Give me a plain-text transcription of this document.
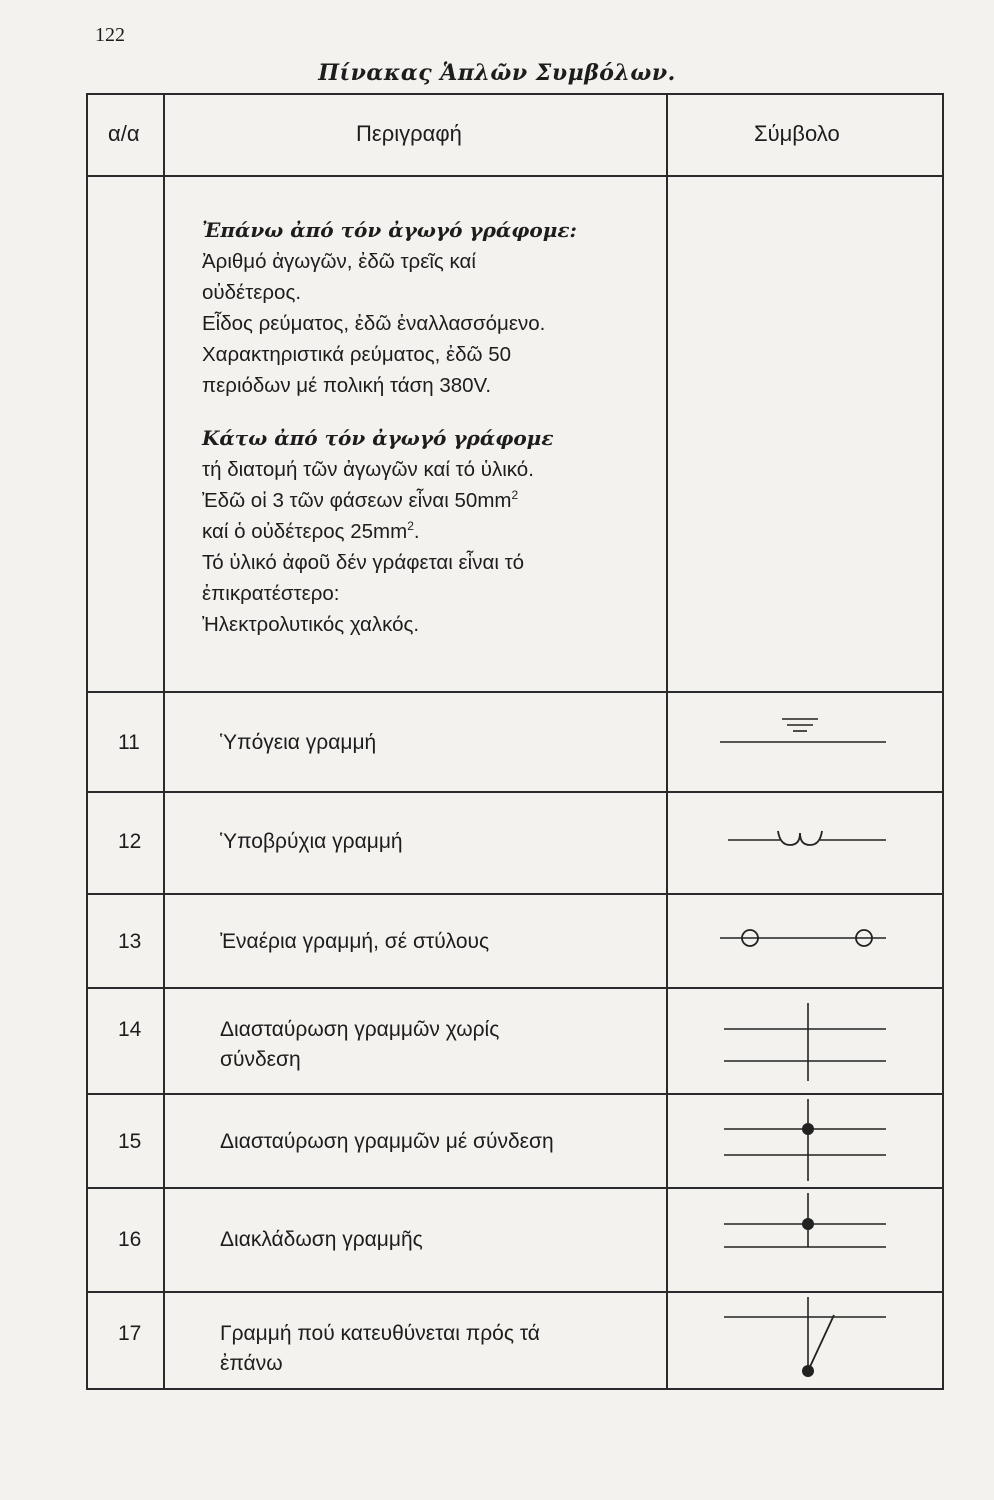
122
Πίνακας Ἁπλῶν Συμβόλων.
α/α	Περιγραφή	Σύμβολο
Ἐπάνω ἀπό τόν ἀγωγό γράφομε:
Ἀριθμό ἀγωγῶν, ἐδῶ τρεῖς καί
οὐδέτερος.
Εἶδος ρεύματος, ἐδῶ ἐναλλασσόμενο.
Χαρακτηριστικά ρεύματος, ἐδῶ 50
περιόδων μέ πολική τάση 380V.
Κάτω ἀπό τόν ἀγωγό γράφομε
τή διατομή τῶν ἀγωγῶν καί τό ὑλικό.
Ἐδῶ οἱ 3 τῶν φάσεων εἶναι $50mm^2$
καί ὁ οὐδέτερος $25mm^2$.
Τό ὑλικό ἀφοῦ δέν γράφεται εἶναι τό
ἐπικρατέστερο:
Ἠλεκτρολυτικός χαλκός.
11	Ὑπόγεια γραμμή
12	Ὑποβρύχια γραμμή
13	Ἐναέρια γραμμή, σέ στύλους
14	Διασταύρωση γραμμῶν χωρίς
σύνδεση
15	Διασταύρωση γραμμῶν μέ σύνδεση
16	Διακλάδωση γραμμῆς
17	Γραμμή πού κατευθύνεται πρός τά
ἐπάνω
